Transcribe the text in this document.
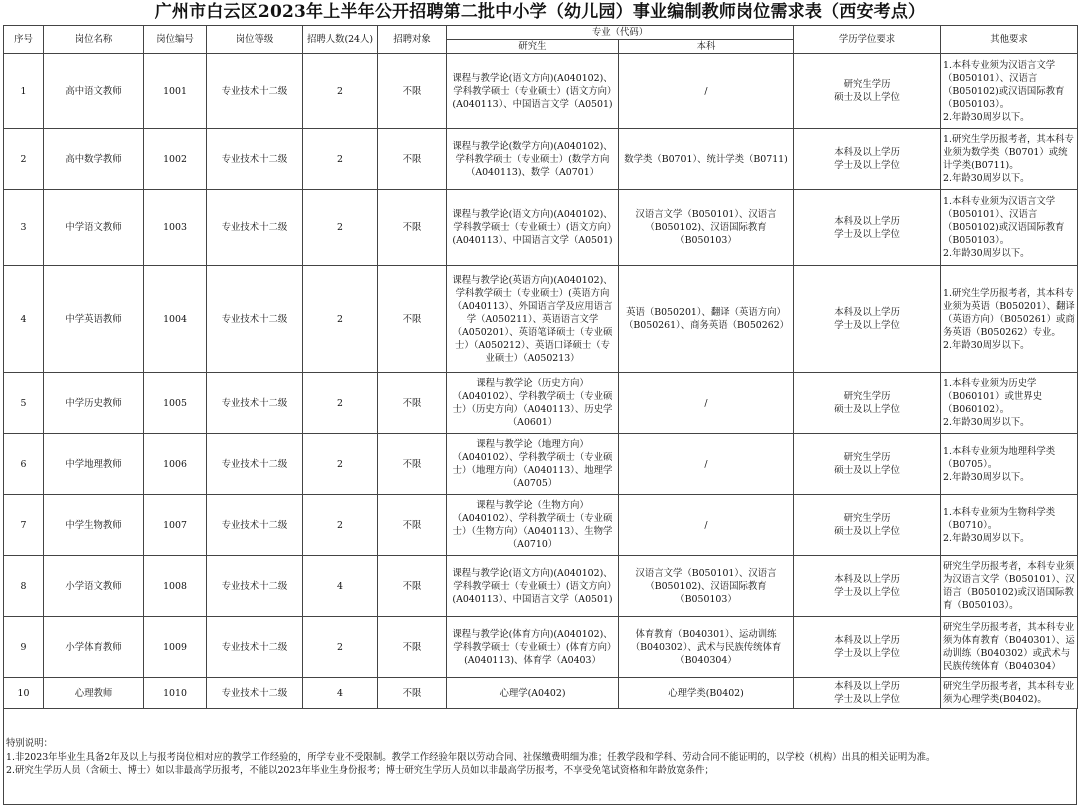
广州市白云区2023年上半年公开招聘第二批中小学（幼儿园）事业编制教师岗位需求表（西安考点）
序号	岗位名称	岗位编号	岗位等级	招聘人数(24人)	招聘对象	专业（代码）		学历学位要求	其他要求
						研究生	本科		
1	高中语文教师	1001	专业技术十二级	2	不限	课程与教学论(语文方向)(A040102)、学科教学硕士（专业硕士）(语文方向）(A040113）、中国语言文学（A0501)	/	研究生学历
硕士及以上学位	1.本科专业须为汉语言文学（B050101）、汉语言（B050102)或汉语国际教育（B050103）。
2.年龄30周岁以下。
2	高中数学教师	1002	专业技术十二级	2	不限	课程与教学论(数学方向)(A040102)、学科教学硕士（专业硕士）(数学方向（A040113)、数学（A0701）	数学类（B0701）、统计学类（B0711)	本科及以上学历
学士及以上学位	1.研究生学历报考者，其本科专业须为数学类（B0701）或统计学类(B0711)。
2.年龄30周岁以下。
3	中学语文教师	1003	专业技术十二级	2	不限	课程与教学论(语文方向)(A040102)、学科教学硕士（专业硕士）(语文方向）(A040113）、中国语言文学（A0501)	汉语言文学（B050101）、汉语言（B050102)、汉语国际教育（B050103）	本科及以上学历
学士及以上学位	1.本科专业须为汉语言文学（B050101）、汉语言（B050102)或汉语国际教育（B050103）。
2.年龄30周岁以下。
4	中学英语教师	1004	专业技术十二级	2	不限	课程与教学论(英语方向)(A040102)、学科教学硕士（专业硕士）(英语方向（A040113）、外国语言学及应用语言学（A050211）、英语语言文学（A050201）、英语笔译硕士（专业硕士）（A050212）、英语口译硕士（专业硕士）（A050213）	英语（B050201）、翻译（英语方向）（B050261）、商务英语（B050262）	本科及以上学历
学士及以上学位	1.研究生学历报考者，其本科专业须为英语（B050201）、翻译（英语方向）（B050261）或商务英语（B050262）专业。
2.年龄30周岁以下。
5	中学历史教师	1005	专业技术十二级	2	不限	课程与教学论（历史方向）（A040102）、学科教学硕士（专业硕士）（历史方向）（A040113）、历史学（A0601）	/	研究生学历
硕士及以上学位	1.本科专业须为历史学（B060101）或世界史（B060102）。
2.年龄30周岁以下。
6	中学地理教师	1006	专业技术十二级	2	不限	课程与教学论（地理方向）（A040102）、学科教学硕士（专业硕士）（地理方向）（A040113）、地理学（A0705）	/	研究生学历
硕士及以上学位	1.本科专业须为地理科学类（B0705）。
2.年龄30周岁以下。
7	中学生物教师	1007	专业技术十二级	2	不限	课程与教学论（生物方向）（A040102）、学科教学硕士（专业硕士）（生物方向）（A040113）、生物学（A0710）	/	研究生学历
硕士及以上学位	1.本科专业须为生物科学类（B0710）。
2.年龄30周岁以下。
8	小学语文教师	1008	专业技术十二级	4	不限	课程与教学论(语文方向)(A040102)、学科教学硕士（专业硕士）(语文方向）(A040113）、中国语言文学（A0501)	汉语言文学（B050101）、汉语言（B050102)、汉语国际教育（B050103）	本科及以上学历
学士及以上学位	研究生学历报考者，本科专业须为汉语言文学（B050101）、汉语言（B050102)或汉语国际教育（B050103）。
9	小学体育教师	1009	专业技术十二级	2	不限	课程与教学论(体育方向)(A040102)、学科教学硕士（专业硕士）(体育方向）(A040113)、体育学（A0403）	体育教育（B040301）、运动训练（B040302）、武术与民族传统体育（B040304）	本科及以上学历
学士及以上学位	研究生学历报考者，其本科专业须为体育教育（B040301）、运动训练（B040302）或武术与民族传统体育（B040304）
10	心理教师	1010	专业技术十二级	4	不限	心理学(A0402)	心理学类(B0402)	本科及以上学历
学士及以上学位	研究生学历报考者，其本科专业须为心理学类(B0402)。
特别说明：
1.非2023年毕业生具备2年及以上与报考岗位相对应的教学工作经验的，所学专业不受限制。教学工作经验年限以劳动合同、社保缴费明细为准；任教学段和学科、劳动合同不能证明的，以学校（机构）出具的相关证明为准。
2.研究生学历人员（含硕士、博士）如以非最高学历报考，不能以2023年毕业生身份报考；博士研究生学历人员如以非最高学历报考，不享受免笔试资格和年龄放宽条件；
